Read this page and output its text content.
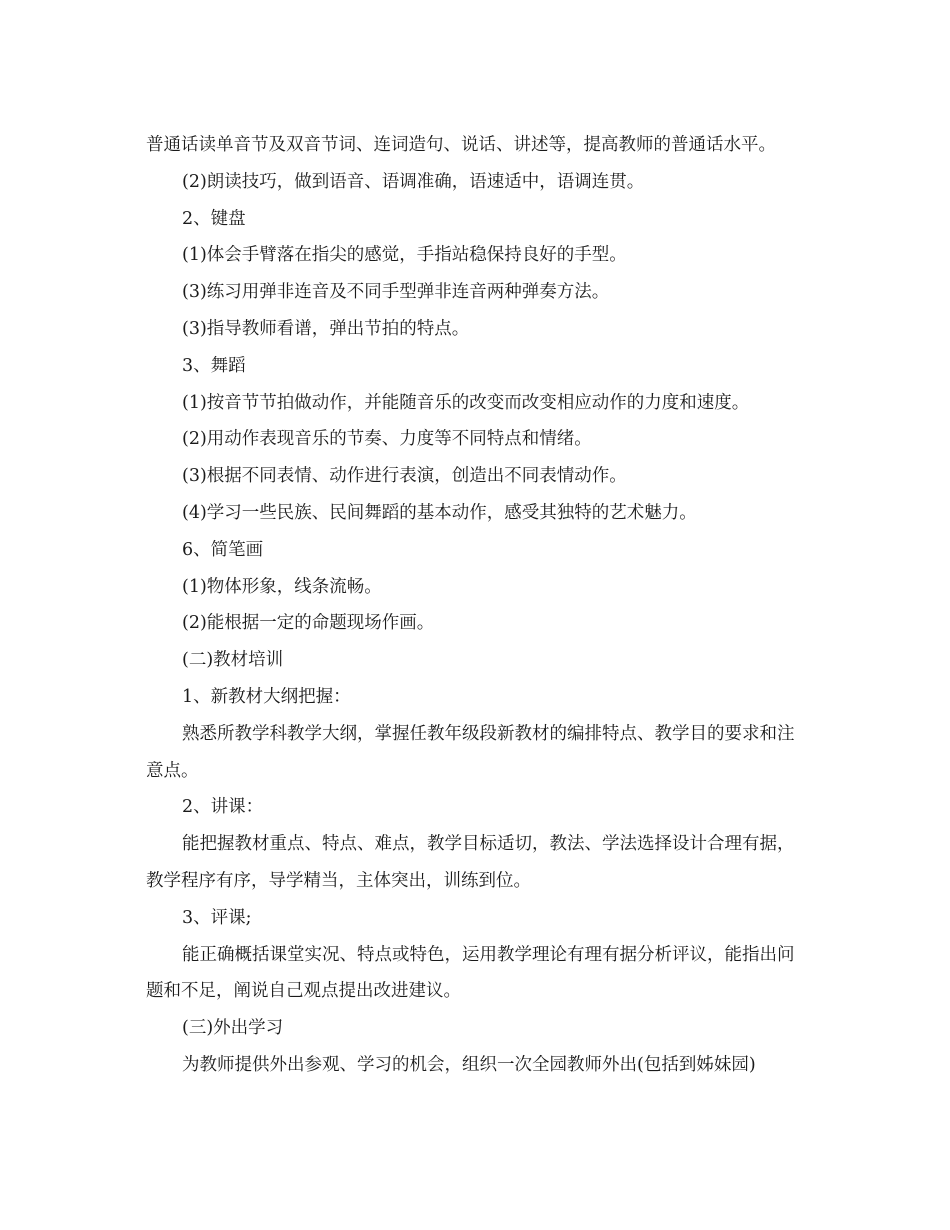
普通话读单音节及双音节词、连词造句、说话、讲述等，提高教师的普通话水平。

(2)朗读技巧，做到语音、语调准确，语速适中，语调连贯。

2、键盘

(1)体会手臂落在指尖的感觉，手指站稳保持良好的手型。

(3)练习用弹非连音及不同手型弹非连音两种弹奏方法。

(3)指导教师看谱，弹出节拍的特点。

3、舞蹈

(1)按音节节拍做动作，并能随音乐的改变而改变相应动作的力度和速度。

(2)用动作表现音乐的节奏、力度等不同特点和情绪。

(3)根据不同表情、动作进行表演，创造出不同表情动作。

(4)学习一些民族、民间舞蹈的基本动作，感受其独特的艺术魅力。

6、简笔画

(1)物体形象，线条流畅。

(2)能根据一定的命题现场作画。

(二)教材培训

1、新教材大纲把握：

熟悉所教学科教学大纲，掌握任教年级段新教材的编排特点、教学目的要求和注意点。

2、讲课：

能把握教材重点、特点、难点，教学目标适切，教法、学法选择设计合理有据，教学程序有序，导学精当，主体突出，训练到位。

3、评课;

能正确概括课堂实况、特点或特色，运用教学理论有理有据分析评议，能指出问题和不足，阐说自己观点提出改进建议。

(三)外出学习

为教师提供外出参观、学习的机会，组织一次全园教师外出(包括到姊妹园)
